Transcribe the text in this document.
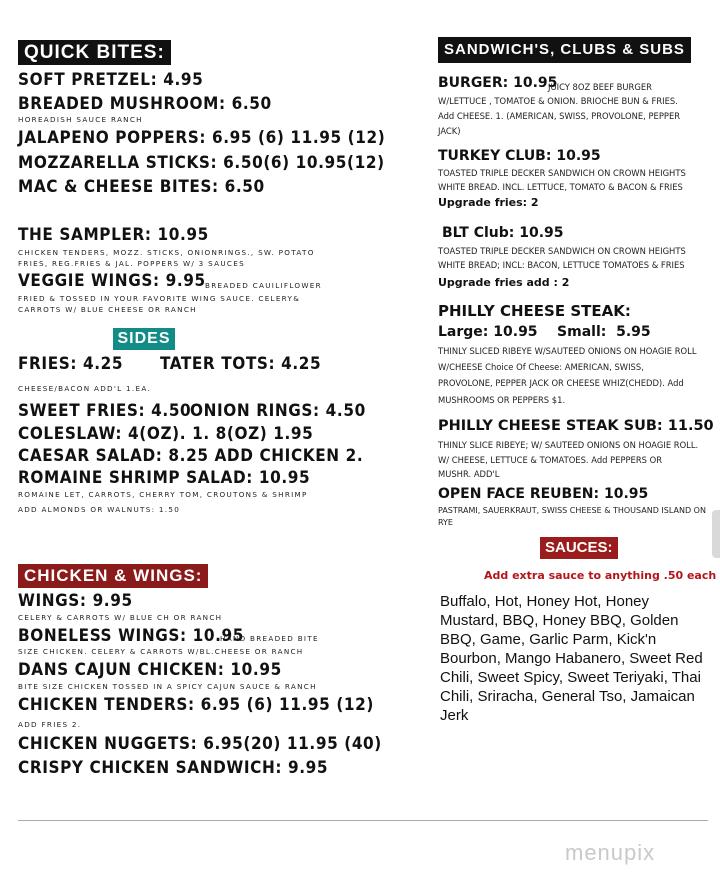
QUICK BITES:
SOFT PRETZEL: 4.95
BREADED MUSHROOM: 6.50
HOREADISH SAUCE RANCH
JALAPENO POPPERS: 6.95 (6) 11.95 (12)
MOZZARELLA STICKS: 6.50(6) 10.95(12)
MAC & CHEESE BITES: 6.50
THE SAMPLER: 10.95
CHICKEN TENDERS, MOZZ. STICKS, ONIONRINGS., SW. POTATO
FRIES, REG.FRIES & JAL. POPPERS W/ 3 SAUCES
VEGGIE WINGS: 9.95 BREADED CAUILIFLOWER
FRIED & TOSSED IN YOUR FAVORITE WING SAUCE. CELERY&
CARROTS W/ BLUE CHEESE OR RANCH
SIDES
FRIES: 4.25 TATER TOTS: 4.25
CHEESE/BACON ADD'L 1.EA.
SWEET FRIES: 4.50
ONION RINGS: 4.50
COLESLAW: 4(OZ). 1. 8(OZ) 1.95
CAESAR SALAD: 8.25 ADD CHICKEN 2.
ROMAINE SHRIMP SALAD: 10.95
ROMAINE LET, CARROTS, CHERRY TOM, CROUTONS & SHRIMP
ADD ALMONDS OR WALNUTS: 1.50
CHICKEN & WINGS:
WINGS: 9.95
CELERY & CARROTS W/ BLUE CH OR RANCH
BONELESS WINGS: 10.95
HAND BREADED BITE
SIZE CHICKEN. CELERY & CARROTS W/BL.CHEESE OR RANCH
DANS CAJUN CHICKEN: 10.95
BITE SIZE CHICKEN TOSSED IN A SPICY CAJUN SAUCE & RANCH
CHICKEN TENDERS: 6.95 (6) 11.95 (12)
ADD FRIES 2.
CHICKEN NUGGETS: 6.95(20) 11.95 (40)
CRISPY CHICKEN SANDWICH: 9.95
SANDWICH'S, CLUBS & SUBS
BURGER: 10.95
JUICY 8OZ BEEF BURGER
W/LETTUCE , TOMATOE & ONION. BRIOCHE BUN & FRIES.
Add CHEESE. 1. (AMERICAN, SWISS, PROVOLONE, PEPPER
JACK)
TURKEY CLUB: 10.95
TOASTED TRIPLE DECKER SANDWICH ON CROWN HEIGHTS
WHITE BREAD. INCL. LETTUCE, TOMATO & BACON & FRIES
Upgrade fries: 2
BLT Club: 10.95
TOASTED TRIPLE DECKER SANDWICH ON CROWN HEIGHTS
WHITE BREAD; INCL: BACON, LETTUCE TOMATOES & FRIES
Upgrade fries add : 2
PHILLY CHEESE STEAK:
Large: 10.95    Small:  5.95
THINLY SLICED RIBEYE W/SAUTEED ONIONS ON HOAGIE ROLL
W/CHEESE Choice Of Cheese: AMERICAN, SWISS,
PROVOLONE, PEPPER JACK OR CHEESE WHIZ(CHEDD). Add
MUSHROOMS OR PEPPERS $1.
PHILLY CHEESE STEAK SUB: 11.50
THINLY SLICE RIBEYE; W/ SAUTEED ONIONS ON HOAGIE ROLL.
W/ CHEESE, LETTUCE & TOMATOES. Add PEPPERS OR
MUSHR. ADD'L
OPEN FACE REUBEN: 10.95
PASTRAMI, SAUERKRAUT, SWISS CHEESE & THOUSAND ISLAND ON
RYE
SAUCES:
Add extra sauce to anything .50 each
Buffalo, Hot, Honey Hot, Honey Mustard, BBQ, Honey BBQ, Golden BBQ, Game, Garlic Parm, Kick'n Bourbon, Mango Habanero, Sweet Red Chili, Sweet Spicy, Sweet Teriyaki, Thai Chili, Sriracha, General Tso, Jamaican Jerk
menupix
